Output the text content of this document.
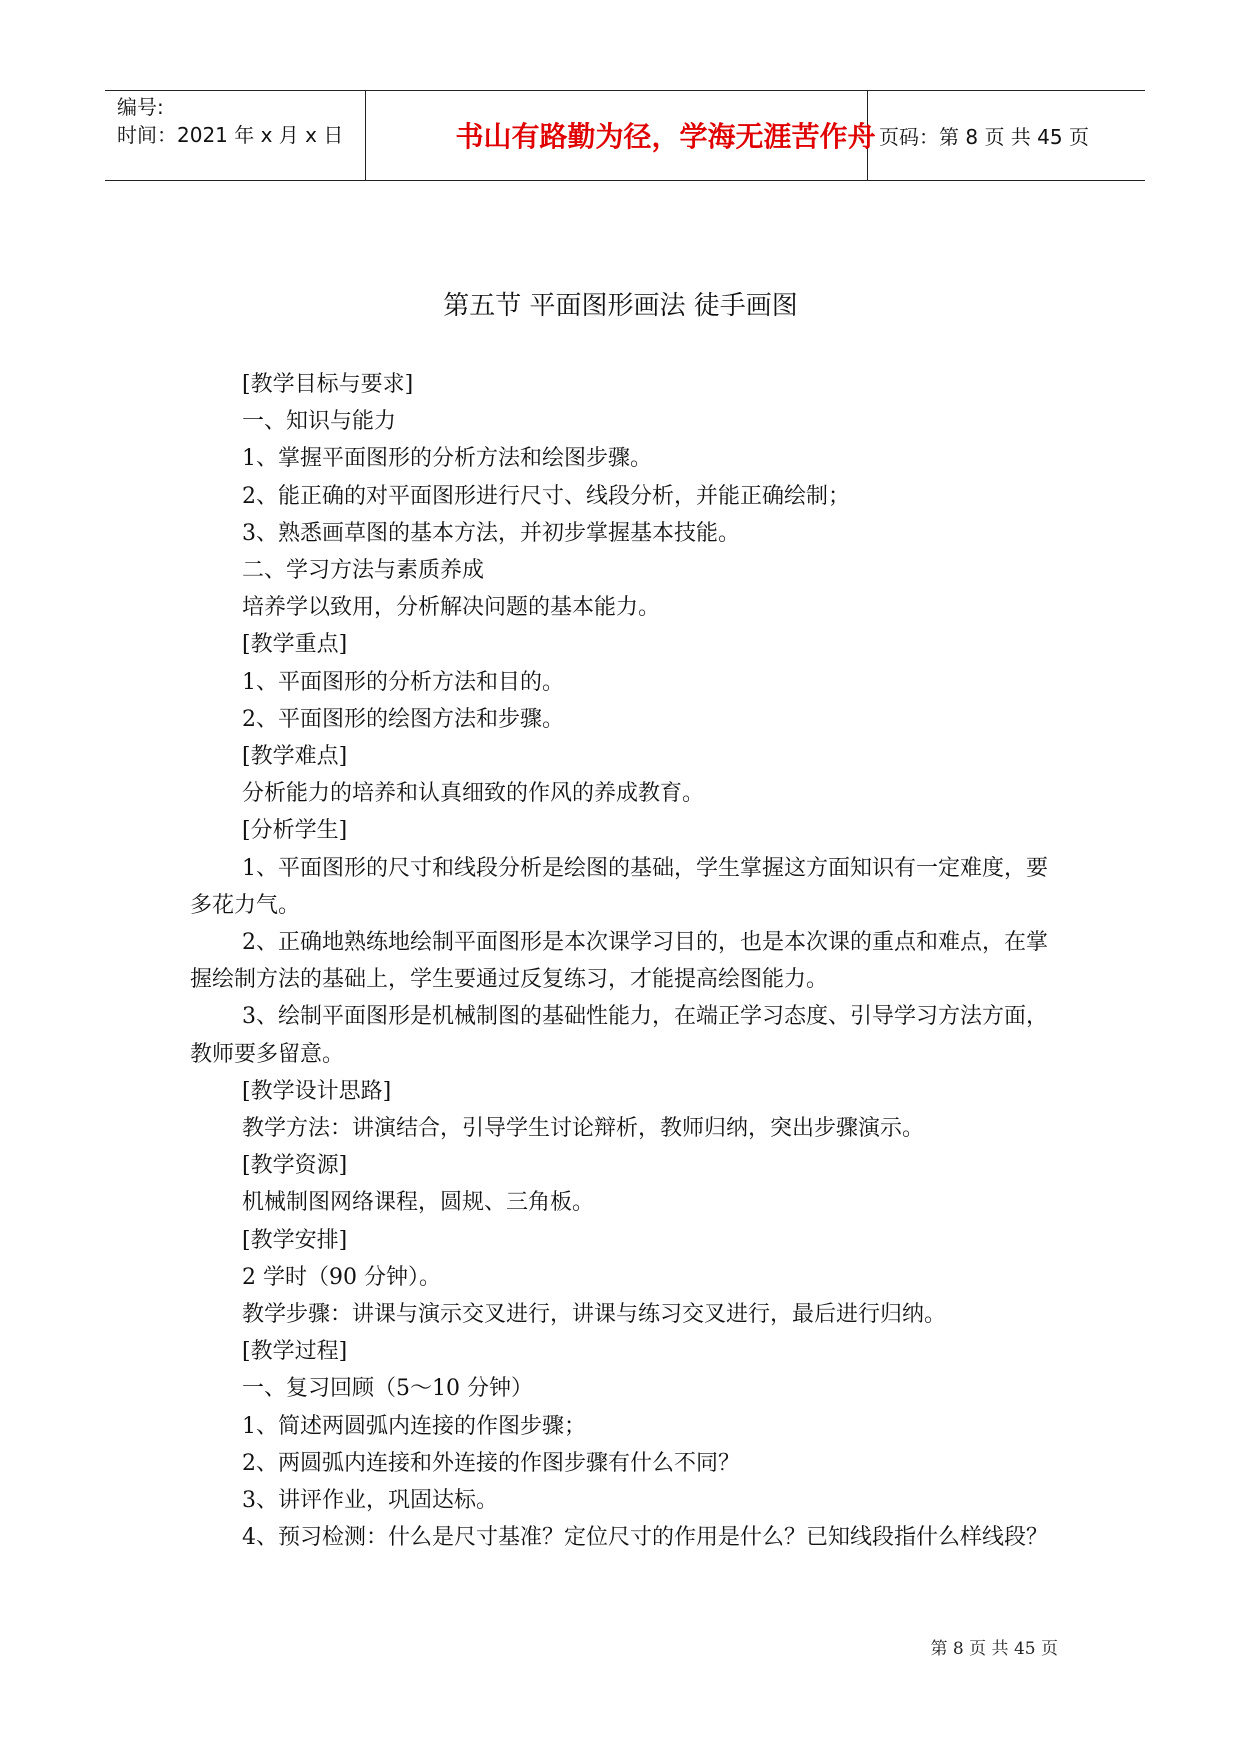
编号:
时间：2021 年 x 月 x 日	书山有路勤为径，学海无涯苦作舟 页码：第 8 页 共 45 页
第五节 平面图形画法 徒手画图

[教学目标与要求]

一、知识与能力

1、掌握平面图形的分析方法和绘图步骤。

2、能正确的对平面图形进行尺寸、线段分析，并能正确绘制；

3、熟悉画草图的基本方法，并初步掌握基本技能。

二、学习方法与素质养成

培养学以致用，分析解决问题的基本能力。

[教学重点]

1、平面图形的分析方法和目的。

2、平面图形的绘图方法和步骤。

[教学难点]

分析能力的培养和认真细致的作风的养成教育。

[分析学生]

1、平面图形的尺寸和线段分析是绘图的基础，学生掌握这方面知识有一定难度，要多花力气。

2、正确地熟练地绘制平面图形是本次课学习目的，也是本次课的重点和难点，在掌握绘制方法的基础上，学生要通过反复练习，才能提高绘图能力。

3、绘制平面图形是机械制图的基础性能力，在端正学习态度、引导学习方法方面，教师要多留意。

[教学设计思路]

教学方法：讲演结合，引导学生讨论辩析，教师归纳，突出步骤演示。

[教学资源]

机械制图网络课程，圆规、三角板。

[教学安排]

2 学时（90 分钟）。

教学步骤：讲课与演示交叉进行，讲课与练习交叉进行，最后进行归纳。

[教学过程]

一、复习回顾（5～10 分钟）

1、简述两圆弧内连接的作图步骤；

2、两圆弧内连接和外连接的作图步骤有什么不同？

3、讲评作业，巩固达标。

4、预习检测：什么是尺寸基准？定位尺寸的作用是什么？已知线段指什么样线段？

第 8 页 共 45 页
